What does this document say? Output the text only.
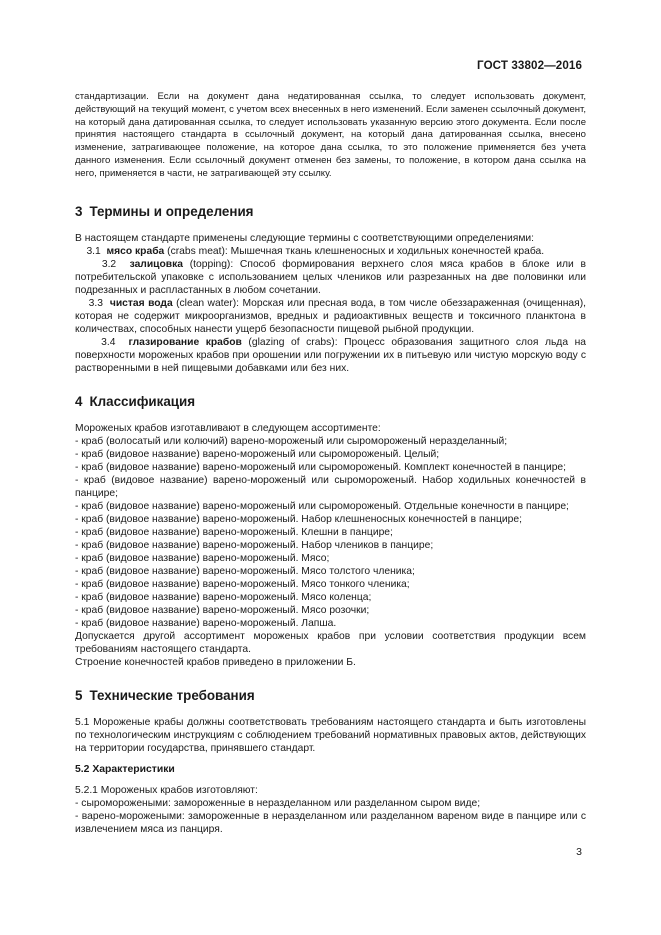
ГОСТ 33802—2016

стандартизации. Если на документ дана недатированная ссылка, то следует использовать документ, действующий на текущий момент, с учетом всех внесенных в него изменений. Если заменен ссылочный документ, на который дана датированная ссылка, то следует использовать указанную версию этого документа. Если после принятия настоящего стандарта в ссылочный документ, на который дана датированная ссылка, внесено изменение, затрагивающее положение, на которое дана ссылка, то это положение применяется без учета данного изменения. Если ссылочный документ отменен без замены, то положение, в котором дана ссылка на него, применяется в части, не затрагивающей эту ссылку.

3 Термины и определения

В настоящем стандарте применены следующие термины с соответствующими определениями:

3.1 мясо краба (crabs meat): Мышечная ткань клешненосных и ходильных конечностей краба.

3.2 залицовка (topping): Способ формирования верхнего слоя мяса крабов в блоке или в потребительской упаковке с использованием целых члеников или разрезанных на две половинки или подрезанных и распластанных в любом сочетании.

3.3 чистая вода (clean water): Морская или пресная вода, в том числе обеззараженная (очищенная), которая не содержит микроорганизмов, вредных и радиоактивных веществ и токсичного планктона в количествах, способных нанести ущерб безопасности пищевой рыбной продукции.

3.4 глазирование крабов (glazing of crabs): Процесс образования защитного слоя льда на поверхности мороженых крабов при орошении или погружении их в питьевую или чистую морскую воду с растворенными в ней пищевыми добавками или без них.

4 Классификация

Мороженых крабов изготавливают в следующем ассортименте:

- краб (волосатый или колючий) варено-мороженый или сыромороженый неразделанный;

- краб (видовое название) варено-мороженый или сыромороженый. Целый;

- краб (видовое название) варено-мороженый или сыромороженый. Комплект конечностей в панцире;

- краб (видовое название) варено-мороженый или сыромороженый. Набор ходильных конечностей в панцире;

- краб (видовое название) варено-мороженый или сыромороженый. Отдельные конечности в панцире;

- краб (видовое название) варено-мороженый. Набор клешненосных конечностей в панцире;

- краб (видовое название) варено-мороженый. Клешни в панцире;

- краб (видовое название) варено-мороженый. Набор члеников в панцире;

- краб (видовое название) варено-мороженый. Мясо;

- краб (видовое название) варено-мороженый. Мясо толстого членика;

- краб (видовое название) варено-мороженый. Мясо тонкого членика;

- краб (видовое название) варено-мороженый. Мясо коленца;

- краб (видовое название) варено-мороженый. Мясо розочки;

- краб (видовое название) варено-мороженый. Лапша.

Допускается другой ассортимент мороженых крабов при условии соответствия продукции всем требованиям настоящего стандарта.

Строение конечностей крабов приведено в приложении Б.

5 Технические требования

5.1 Мороженые крабы должны соответствовать требованиям настоящего стандарта и быть изготовлены по технологическим инструкциям с соблюдением требований нормативных правовых актов, действующих на территории государства, принявшего стандарт.

5.2 Характеристики

5.2.1 Мороженых крабов изготовляют:

- сыроморожеными: замороженные в неразделанном или разделанном сыром виде;

- варено-морожеными: замороженные в неразделанном или разделанном вареном виде в панцире или с извлечением мяса из панциря.

3
